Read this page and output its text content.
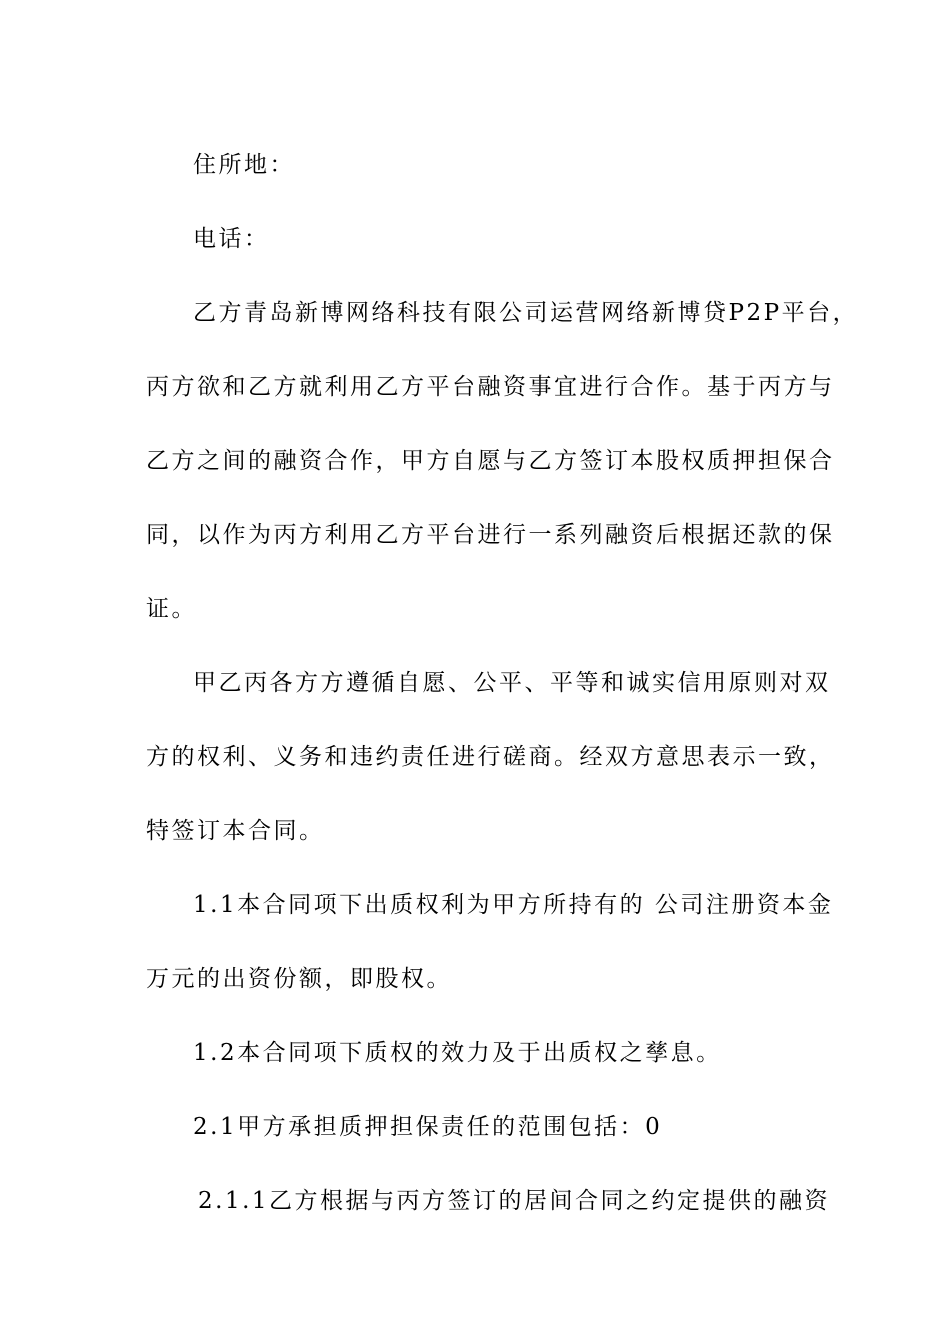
住所地：
电话：
乙方青岛新博网络科技有限公司运营网络新博贷P2P平台，
丙方欲和乙方就利用乙方平台融资事宜进行合作。基于丙方与
乙方之间的融资合作，甲方自愿与乙方签订本股权质押担保合
同，以作为丙方利用乙方平台进行一系列融资后根据还款的保
证。
甲乙丙各方方遵循自愿、公平、平等和诚实信用原则对双
方的权利、义务和违约责任进行磋商。经双方意思表示一致，
特签订本合同。
1.1本合同项下出质权利为甲方所持有的 公司注册资本金
万元的出资份额，即股权。
1.2本合同项下质权的效力及于出质权之孳息。
2.1甲方承担质押担保责任的范围包括：0
2.1.1乙方根据与丙方签订的居间合同之约定提供的融资
